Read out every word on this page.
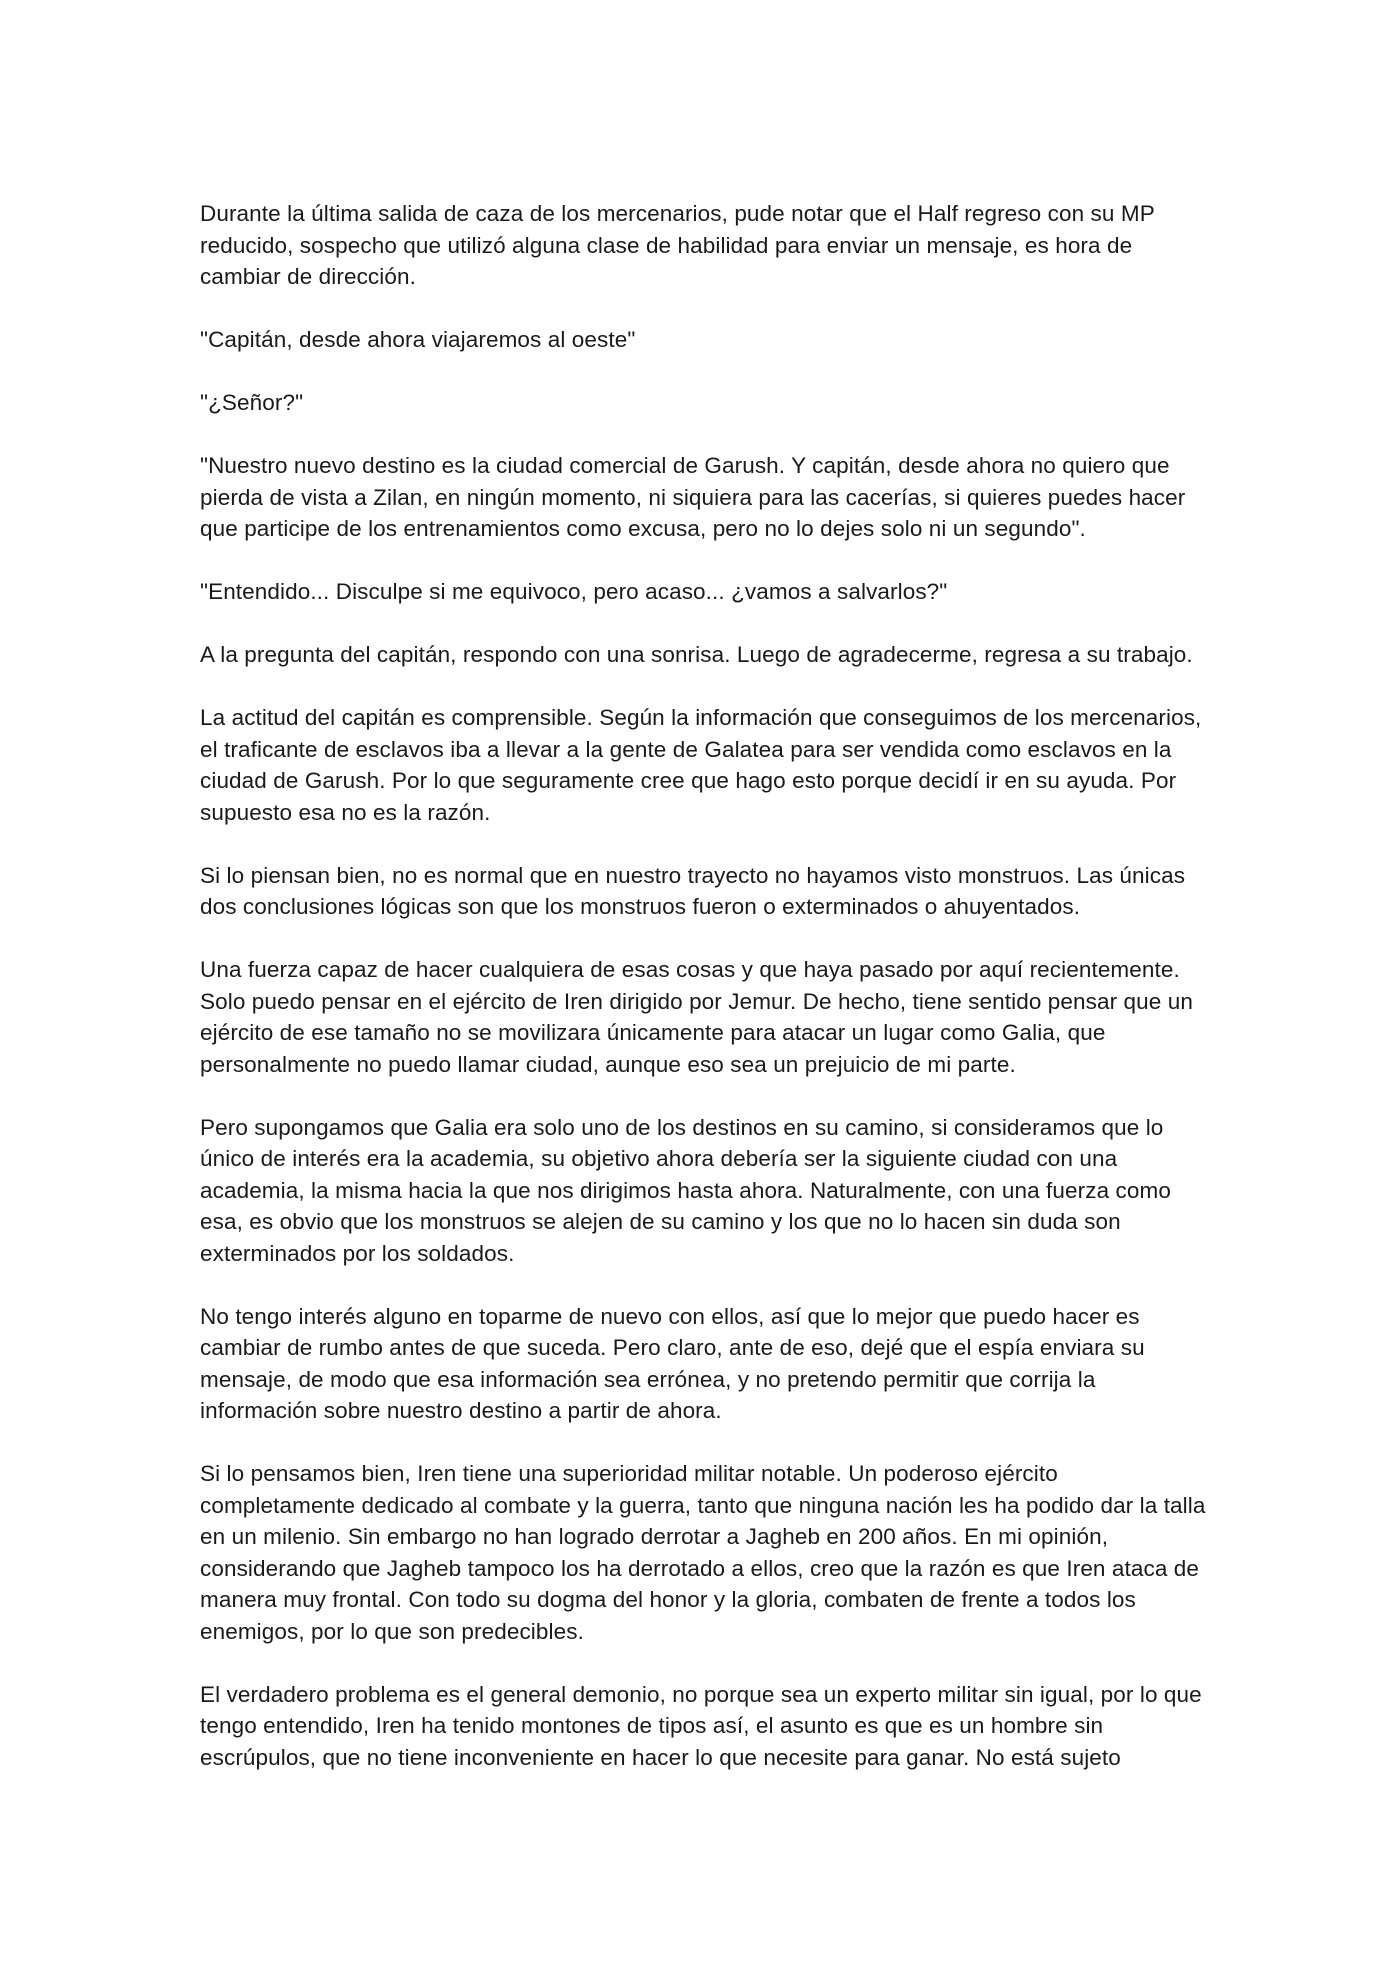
Durante la última salida de caza de los mercenarios, pude notar que el Half regreso con su MP reducido, sospecho que utilizó alguna clase de habilidad para enviar un mensaje, es hora de cambiar de dirección.

"Capitán, desde ahora viajaremos al oeste"

"¿Señor?"

"Nuestro nuevo destino es la ciudad comercial de Garush. Y capitán, desde ahora no quiero que pierda de vista a Zilan, en ningún momento, ni siquiera para las cacerías, si quieres puedes hacer que participe de los entrenamientos como excusa, pero no lo dejes solo ni un segundo".

"Entendido... Disculpe si me equivoco, pero acaso... ¿vamos a salvarlos?"

A la pregunta del capitán, respondo con una sonrisa. Luego de agradecerme, regresa a su trabajo.

La actitud del capitán es comprensible. Según la información que conseguimos de los mercenarios, el traficante de esclavos iba a llevar a la gente de Galatea para ser vendida como esclavos en la ciudad de Garush. Por lo que seguramente cree que hago esto porque decidí ir en su ayuda. Por supuesto esa no es la razón.

Si lo piensan bien, no es normal que en nuestro trayecto no hayamos visto monstruos. Las únicas dos conclusiones lógicas son que los monstruos fueron o exterminados o ahuyentados.

Una fuerza capaz de hacer cualquiera de esas cosas y que haya pasado por aquí recientemente. Solo puedo pensar en el ejército de Iren dirigido por Jemur. De hecho, tiene sentido pensar que un ejército de ese tamaño no se movilizara únicamente para atacar un lugar como Galia, que personalmente no puedo llamar ciudad, aunque eso sea un prejuicio de mi parte.

Pero supongamos que Galia era solo uno de los destinos en su camino, si consideramos que lo único de interés era la academia, su objetivo ahora debería ser la siguiente ciudad con una academia, la misma hacia la que nos dirigimos hasta ahora. Naturalmente, con una fuerza como esa, es obvio que los monstruos se alejen de su camino y los que no lo hacen sin duda son exterminados por los soldados.

No tengo interés alguno en toparme de nuevo con ellos, así que lo mejor que puedo hacer es cambiar de rumbo antes de que suceda. Pero claro, ante de eso, dejé que el espía enviara su mensaje, de modo que esa información sea errónea, y no pretendo permitir que corrija la información sobre nuestro destino a partir de ahora.

Si lo pensamos bien, Iren tiene una superioridad militar notable. Un poderoso ejército completamente dedicado al combate y la guerra, tanto que ninguna nación les ha podido dar la talla en un milenio. Sin embargo no han logrado derrotar a Jagheb en 200 años. En mi opinión, considerando que Jagheb tampoco los ha derrotado a ellos, creo que la razón es que Iren ataca de manera muy frontal. Con todo su dogma del honor y la gloria, combaten de frente a todos los enemigos, por lo que son predecibles.

El verdadero problema es el general demonio, no porque sea un experto militar sin igual, por lo que tengo entendido, Iren ha tenido montones de tipos así, el asunto es que es un hombre sin escrúpulos, que no tiene inconveniente en hacer lo que necesite para ganar. No está sujeto
